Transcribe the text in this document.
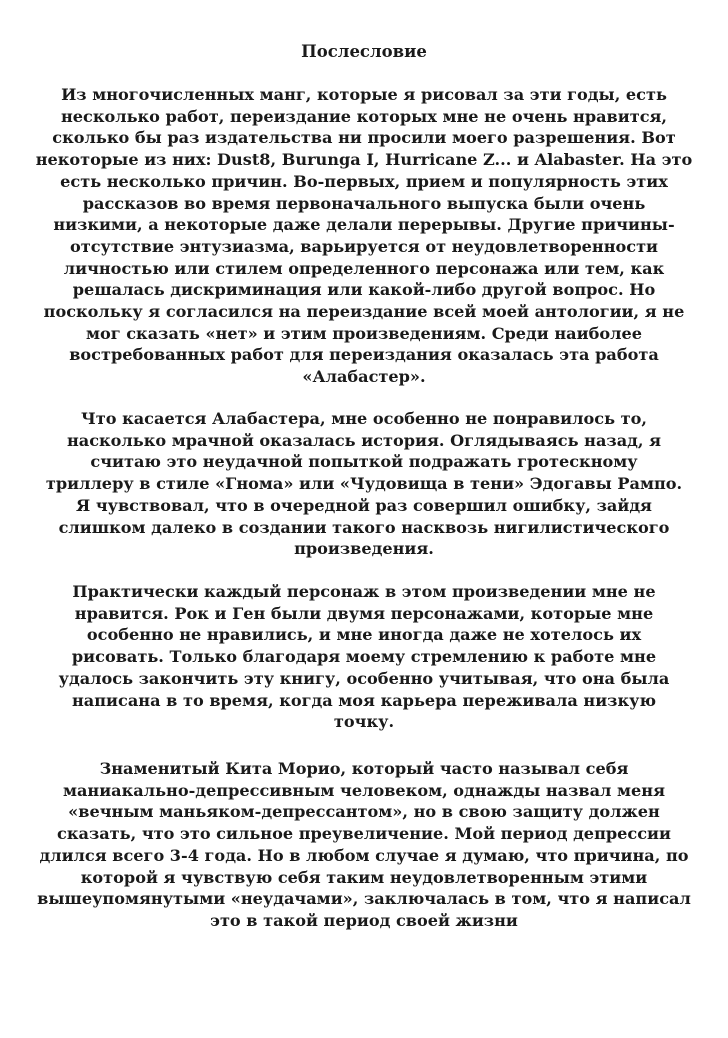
Послесловие
Из многочисленных манг, которые я рисовал за эти годы, есть
несколько работ, переиздание которых мне не очень нравится,
сколько бы раз издательства ни просили моего разрешения. Вот
некоторые из них: Dust8, Burunga I, Hurricane Z... и Alabaster. На это
есть несколько причин. Во-первых, прием и популярность этих
рассказов во время первоначального выпуска были очень
низкими, а некоторые даже делали перерывы. Другие причины-
отсутствие энтузиазма, варьируется от неудовлетворенности
личностью или стилем определенного персонажа или тем, как
решалась дискриминация или какой-либо другой вопрос. Но
поскольку я согласился на переиздание всей моей антологии, я не
мог сказать «нет» и этим произведениям. Среди наиболее
востребованных работ для переиздания оказалась эта работа
«Алабастер».
Что касается Алабастера, мне особенно не понравилось то,
насколько мрачной оказалась история. Оглядываясь назад, я
считаю это неудачной попыткой подражать гротескному
триллеру в стиле «Гнома» или «Чудовища в тени» Эдогавы Рампо.
Я чувствовал, что в очередной раз совершил ошибку, зайдя
слишком далеко в создании такого насквозь нигилистического
произведения.
Практически каждый персонаж в этом произведении мне не
нравится. Рок и Ген были двумя персонажами, которые мне
особенно не нравились, и мне иногда даже не хотелось их
рисовать. Только благодаря моему стремлению к работе мне
удалось закончить эту книгу, особенно учитывая, что она была
написана в то время, когда моя карьера переживала низкую
точку.
Знаменитый Кита Морио, который часто называл себя
маниакально-депрессивным человеком, однажды назвал меня
«вечным маньяком-депрессантом», но в свою защиту должен
сказать, что это сильное преувеличение. Мой период депрессии
длился всего 3-4 года. Но в любом случае я думаю, что причина, по
которой я чувствую себя таким неудовлетворенным этими
вышеупомянутыми «неудачами», заключалась в том, что я написал
это в такой период своей жизни
